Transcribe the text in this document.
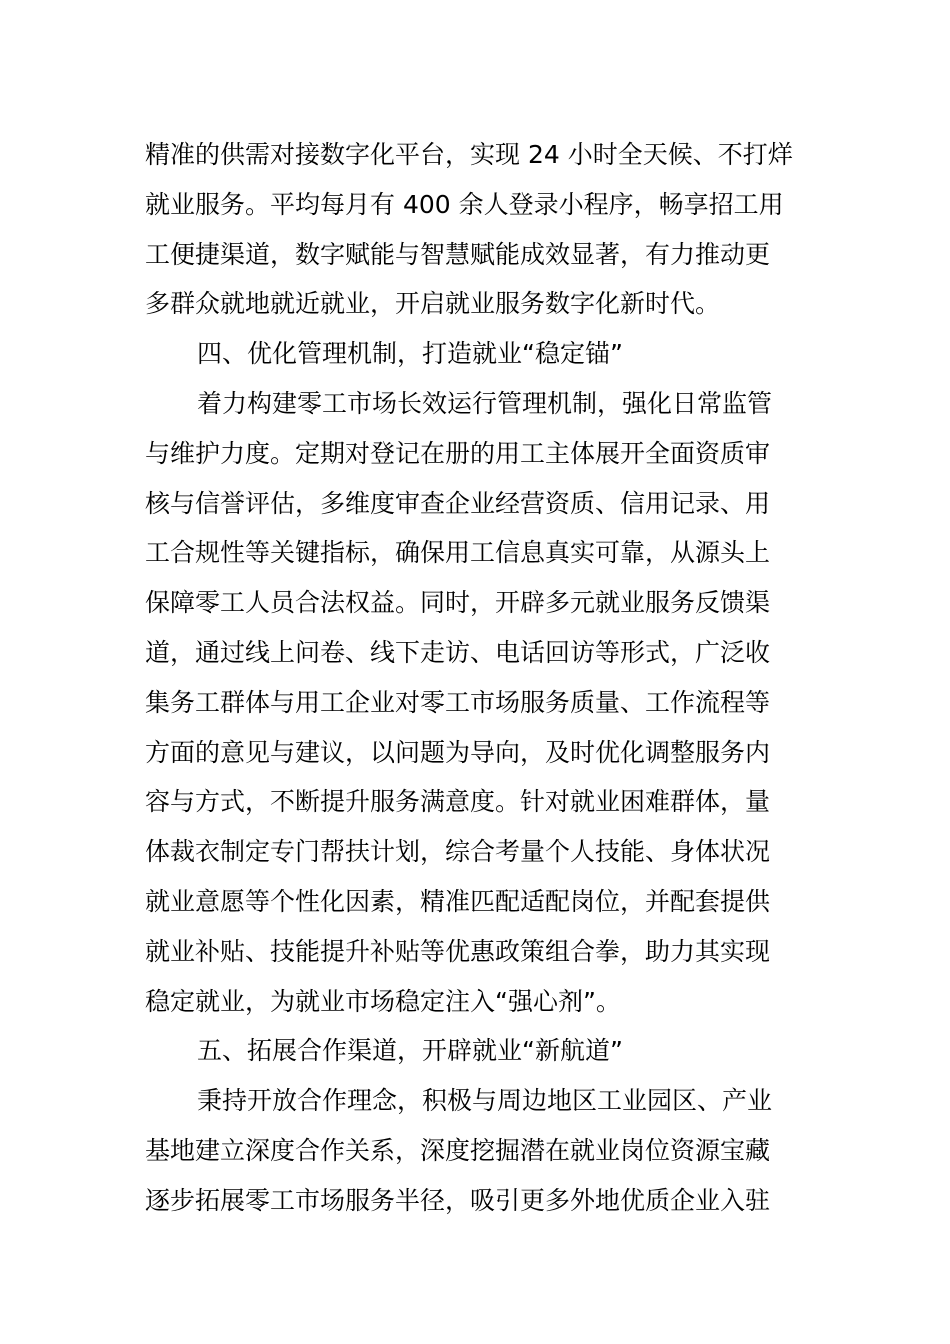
精准的供需对接数字化平台，实现 24 小时全天候、不打烊
就业服务。平均每月有 400 余人登录小程序，畅享招工用
工便捷渠道，数字赋能与智慧赋能成效显著，有力推动更
多群众就地就近就业，开启就业服务数字化新时代。
四、优化管理机制，打造就业“稳定锚”
着力构建零工市场长效运行管理机制，强化日常监管
与维护力度。定期对登记在册的用工主体展开全面资质审
核与信誉评估，多维度审查企业经营资质、信用记录、用
工合规性等关键指标，确保用工信息真实可靠，从源头上
保障零工人员合法权益。同时，开辟多元就业服务反馈渠
道，通过线上问卷、线下走访、电话回访等形式，广泛收
集务工群体与用工企业对零工市场服务质量、工作流程等
方面的意见与建议，以问题为导向，及时优化调整服务内
容与方式，不断提升服务满意度。针对就业困难群体，量
体裁衣制定专门帮扶计划，综合考量个人技能、身体状况
就业意愿等个性化因素，精准匹配适配岗位，并配套提供
就业补贴、技能提升补贴等优惠政策组合拳，助力其实现
稳定就业，为就业市场稳定注入“强心剂”。
五、拓展合作渠道，开辟就业“新航道”
秉持开放合作理念，积极与周边地区工业园区、产业
基地建立深度合作关系，深度挖掘潜在就业岗位资源宝藏
逐步拓展零工市场服务半径，吸引更多外地优质企业入驻
